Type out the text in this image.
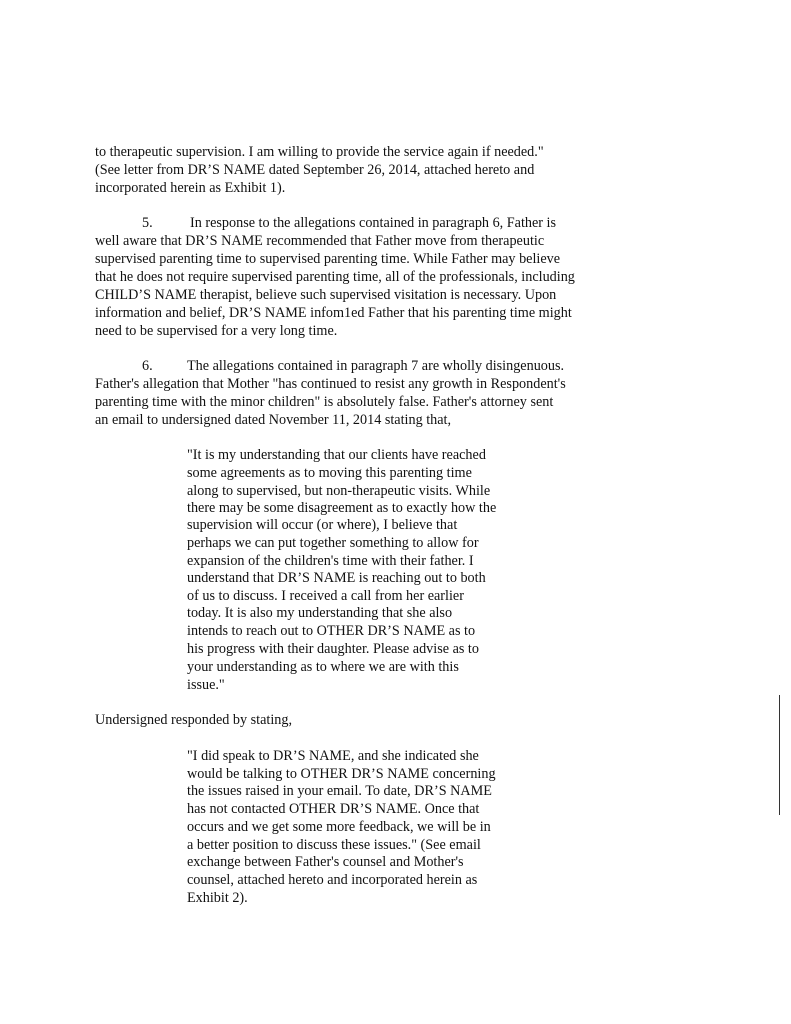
to therapeutic supervision. I am willing to provide the service again if needed."
(See letter from DR’S NAME dated September 26, 2014, attached hereto and
incorporated herein as Exhibit 1).
5.	In response to the allegations contained in paragraph 6, Father is
well aware that DR’S NAME recommended that Father move from therapeutic
supervised parenting time to supervised parenting time. While Father may believe
that he does not require supervised parenting time, all of the professionals, including
CHILD’S NAME therapist, believe such supervised visitation is necessary. Upon
information and belief, DR’S NAME infom1ed Father that his parenting time might
need to be supervised for a very long time.
6. The allegations contained in paragraph 7 are wholly disingenuous.
Father's allegation that Mother "has continued to resist any growth in Respondent's
parenting time with the minor children" is absolutely false. Father's attorney sent
an email to undersigned dated November 11, 2014 stating that,
"It is my understanding that our clients have reached
some agreements as to moving this parenting time
along to supervised, but non-therapeutic visits. While
there may be some disagreement as to exactly how the
supervision will occur (or where), I believe that
perhaps we can put together something to allow for
expansion of the children's time with their father. I
understand that DR’S NAME is reaching out to both
of us to discuss. I received a call from her earlier
today. It is also my understanding that she also
intends to reach out to OTHER DR’S NAME as to
his progress with their daughter. Please advise as to
your understanding as to where we are with this
issue."
Undersigned responded by stating,
"I did speak to DR’S NAME, and she indicated she
would be talking to OTHER DR’S NAME concerning
the issues raised in your email. To date, DR’S NAME
has not contacted OTHER DR’S NAME. Once that
occurs and we get some more feedback, we will be in
a better position to discuss these issues." (See email
exchange between Father's counsel and Mother's
counsel, attached hereto and incorporated herein as
Exhibit 2).
